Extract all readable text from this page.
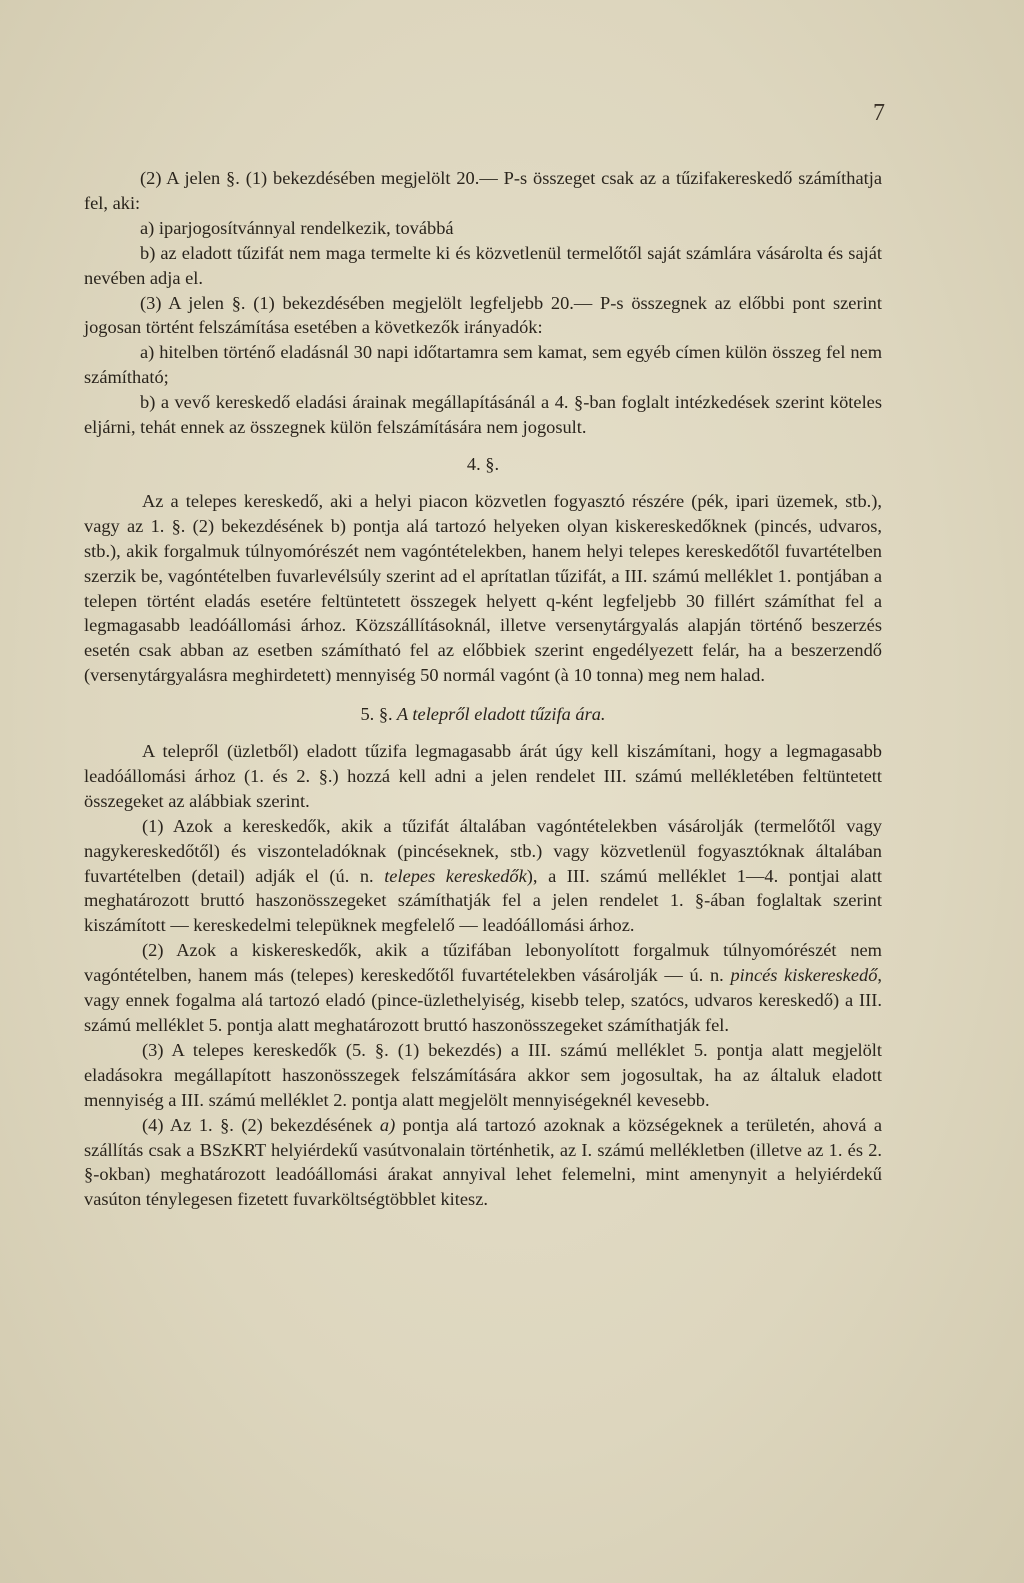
7

(2) A jelen §. (1) bekezdésében megjelölt 20.— P-s összeget csak az a tűzifakereskedő számíthatja fel, aki:

a) iparjogosítvánnyal rendelkezik, továbbá

b) az eladott tűzifát nem maga termelte ki és közvetlenül termelőtől saját számlára vásárolta és saját nevében adja el.

(3) A jelen §. (1) bekezdésében megjelölt legfeljebb 20.— P-s összegnek az előbbi pont szerint jogosan történt felszámítása esetében a következők irányadók:

a) hitelben történő eladásnál 30 napi időtartamra sem kamat, sem egyéb címen külön összeg fel nem számítható;

b) a vevő kereskedő eladási árainak megállapításánál a 4. §-ban foglalt intézkedések szerint köteles eljárni, tehát ennek az összegnek külön felszámítására nem jogosult.

4. §.

Az a telepes kereskedő, aki a helyi piacon közvetlen fogyasztó részére (pék, ipari üzemek, stb.), vagy az 1. §. (2) bekezdésének b) pontja alá tartozó helyeken olyan kiskereskedőknek (pincés, udvaros, stb.), akik forgalmuk túlnyomórészét nem vagóntételekben, hanem helyi telepes kereskedőtől fuvartételben szerzik be, vagóntételben fuvarlevélsúly szerint ad el aprítatlan tűzifát, a III. számú melléklet 1. pontjában a telepen történt eladás esetére feltüntetett összegek helyett q-ként legfeljebb 30 fillért számíthat fel a legmagasabb leadóállomási árhoz. Közszállításoknál, illetve versenytárgyalás alapján történő beszerzés esetén csak abban az esetben számítható fel az előbbiek szerint engedélyezett felár, ha a beszerzendő (versenytárgyalásra meghirdetett) mennyiség 50 normál vagónt (à 10 tonna) meg nem halad.

5. §. A telepről eladott tűzifa ára.

A telepről (üzletből) eladott tűzifa legmagasabb árát úgy kell kiszámítani, hogy a legmagasabb leadóállomási árhoz (1. és 2. §.) hozzá kell adni a jelen rendelet III. számú mellékletében feltüntetett összegeket az alábbiak szerint.

(1) Azok a kereskedők, akik a tűzifát általában vagóntételekben vásárolják (termelőtől vagy nagykereskedőtől) és viszonteladóknak (pincéseknek, stb.) vagy közvetlenül fogyasztóknak általában fuvartételben (detail) adják el (ú. n. telepes kereskedők), a III. számú melléklet 1—4. pontjai alatt meghatározott bruttó haszonösszegeket számíthatják fel a jelen rendelet 1. §-ában foglaltak szerint kiszámított — kereskedelmi telepüknek megfelelő — leadóállomási árhoz.

(2) Azok a kiskereskedők, akik a tűzifában lebonyolított forgalmuk túlnyomórészét nem vagóntételben, hanem más (telepes) kereskedőtől fuvartételekben vásárolják — ú. n. pincés kiskereskedő, vagy ennek fogalma alá tartozó eladó (pince-üzlethelyiség, kisebb telep, szatócs, udvaros kereskedő) a III. számú melléklet 5. pontja alatt meghatározott bruttó haszonösszegeket számíthatják fel.

(3) A telepes kereskedők (5. §. (1) bekezdés) a III. számú melléklet 5. pontja alatt megjelölt eladásokra megállapított haszonösszegek felszámítására akkor sem jogosultak, ha az általuk eladott mennyiség a III. számú melléklet 2. pontja alatt megjelölt mennyiségeknél kevesebb.

(4) Az 1. §. (2) bekezdésének a) pontja alá tartozó azoknak a községeknek a területén, ahová a szállítás csak a BSzKRT helyiérdekű vasútvonalain történhetik, az I. számú mellékletben (illetve az 1. és 2. §-okban) meghatározott leadóállomási árakat annyival lehet felemelni, mint amenynyit a helyiérdekű vasúton ténylegesen fizetett fuvarköltségtöbblet kitesz.
